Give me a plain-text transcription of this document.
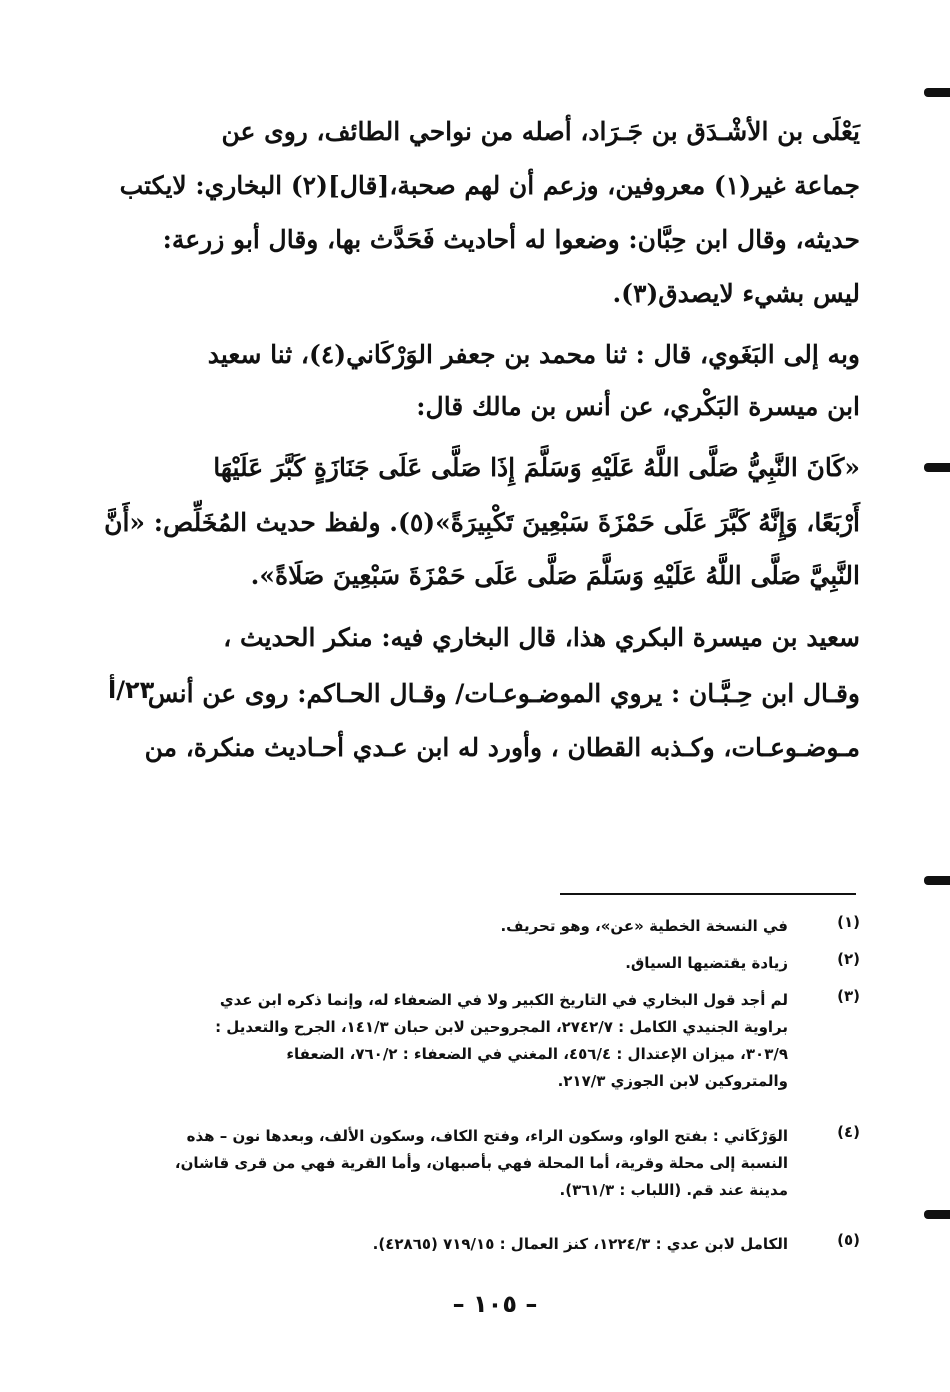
يَعْلَى بن الأشْـدَق بن جَـرَاد، أصله من نواحي الطائف، روى عن
جماعة غير(١) معروفين، وزعم أن لهم صحبة،[قال](٢) البخاري: لايكتب
حديثه، وقال ابن حِبَّان: وضعوا له أحاديث فَحَدَّث بها، وقال أبو زرعة:
ليس بشيء لايصدق(٣).
وبه إلى البَغَوي، قال : ثنا محمد بن جعفر الوَرْكَاني(٤)، ثنا سعيد
ابن ميسرة البَكْري، عن أنس بن مالك قال:
«كَانَ النَّبِيُّ صَلَّى اللَّهُ عَلَيْهِ وَسَلَّمَ إِذَا صَلَّى عَلَى جَنَازَةٍ كَبَّرَ عَلَيْهَا
أَرْبَعًا، وَإِنَّهُ كَبَّرَ عَلَى حَمْزَةَ سَبْعِينَ تَكْبِيرَةً»(٥). ولفظ حديث المُخَلِّص: «أَنَّ
النَّبِيَّ صَلَّى اللَّهُ عَلَيْهِ وَسَلَّمَ صَلَّى عَلَى حَمْزَةَ سَبْعِينَ صَلَاةً».
سعيد بن ميسرة البكري هذا، قال البخاري فيه: منكر الحديث ،
وقـال ابن حِـبَّـان : يروي الموضـوعـات/ وقـال الحـاكم: روى عن أنس
مـوضـوعـات، وكـذبه القطان ، وأورد له ابن عـدي أحـاديث منكرة، من
٢٣/أ
(١)
في النسخة الخطية «عن»، وهو تحريف.
(٢)
زيادة يقتضيها السياق.
(٣)
لم أجد قول البخاري في التاريخ الكبير ولا في الضعفاء له، وإنما ذكره ابن عدي
براوية الجنيدي الكامل : ٢٧٤٢/٧، المجروحين لابن حبان ١٤١/٣، الجرح والتعديل :
٣٠٣/٩، ميزان الإعتدال : ٤٥٦/٤، المغني في الضعفاء : ٧٦٠/٢، الضعفاء
والمتروكين لابن الجوزي ٢١٧/٣.
(٤)
الوَرْكَاني : بفتح الواو، وسكون الراء، وفتح الكاف، وسكون الألف، وبعدها نون – هذه
النسبة إلى محلة وقرية، أما المحلة فهي بأصبهان، وأما القرية فهي من قرى قاشان،
مدينة عند قم. (اللباب : ٣٦١/٣).
(٥)
الكامل لابن عدي : ١٢٢٤/٣، كنز العمال : ٧١٩/١٥ (٤٢٨٦٥).
– ١٠٥ –
